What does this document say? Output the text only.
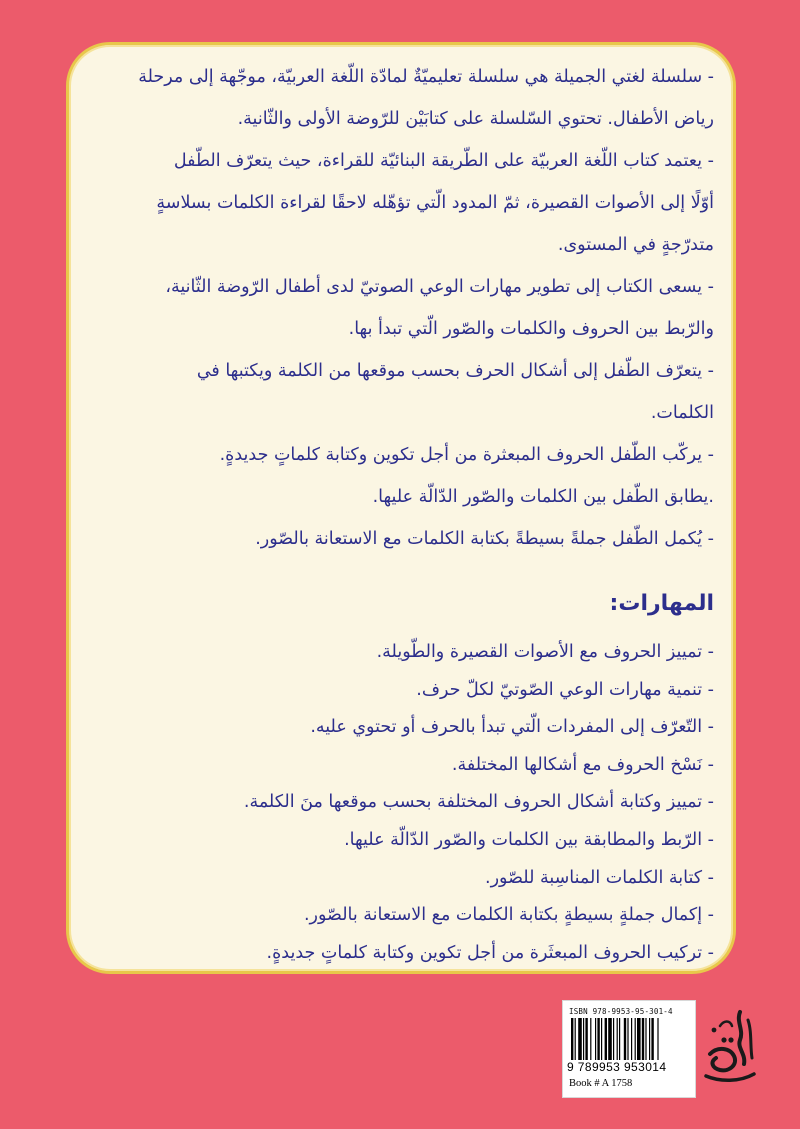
- سلسلة لغتي الجميلة هي سلسلة تعليميّةٌ لمادّة اللّغة العربيّة، موجّهة إلى مرحلة

رياض الأطفال. تحتوي السّلسلة على كتابَيْن للرّوضة الأولى والثّانية.

- يعتمد كتاب اللّغة العربيّة على الطّريقة البنائيّة للقراءة، حيث يتعرّف الطّفل

أوّلًا إلى الأصوات القصيرة، ثمّ المدود الّتي تؤهّله لاحقًا لقراءة الكلمات بسلاسةٍ

متدرّجةٍ في المستوى.

- يسعى الكتاب إلى تطوير مهارات الوعي الصوتيّ لدى أطفال الرّوضة الثّانية،

والرّبط بين الحروف والكلمات والصّور الّتي تبدأ بها.

- يتعرّف الطّفل إلى أشكال الحرف بحسب موقعها من الكلمة ويكتبها في

الكلمات.

- يركّب الطّفل الحروف المبعثرة من أجل تكوين وكتابة كلماتٍ جديدةٍ.

.يطابق الطّفل بين الكلمات والصّور الدّالّة عليها.

- يُكمل الطّفل جملةً بسيطةً بكتابة الكلمات مع الاستعانة بالصّور.

المهارات:

- تمييز الحروف مع الأصوات القصيرة والطّويلة.

- تنمية مهارات الوعي الصّوتيّ لكلّ حرف.

- التّعرّف إلى المفردات الّتي تبدأ بالحرف أو تحتوي عليه.

- نَسْخ الحروف مع أشكالها المختلفة.

- تمييز وكتابة أشكال الحروف المختلفة بحسب موقعها منَ الكلمة.

- الرّبط والمطابقة بين الكلمات والصّور الدّالّة عليها.

- كتابة الكلمات المناسِبة للصّور.

- إكمال جملةٍ بسيطةٍ بكتابة الكلمات مع الاستعانة بالصّور.

- تركيب الحروف المبعثَرة من أجل تكوين وكتابة كلماتٍ جديدةٍ.

ISBN 978-9953-95-301-4
9 789953 953014
Book # A 1758
